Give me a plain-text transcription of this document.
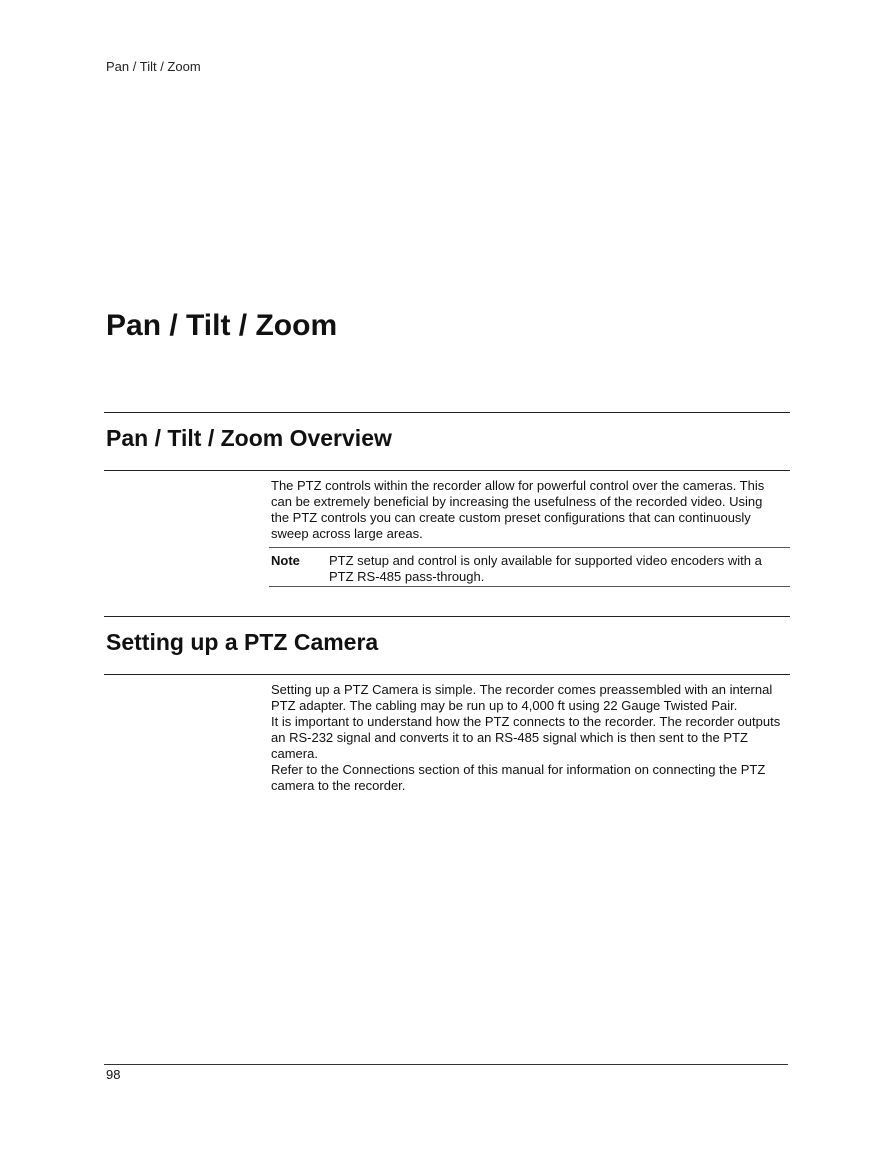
Pan / Tilt / Zoom
Pan / Tilt / Zoom
Pan / Tilt / Zoom Overview

The PTZ controls within the recorder allow for powerful control over the cameras. This can be extremely beneficial by increasing the usefulness of the recorded video. Using the PTZ controls you can create custom preset configurations that can continuously sweep across large areas.

Note PTZ setup and control is only available for supported video encoders with a PTZ RS-485 pass-through.
Setting up a PTZ Camera

Setting up a PTZ Camera is simple. The recorder comes preassembled with an internal PTZ adapter. The cabling may be run up to 4,000 ft using 22 Gauge Twisted Pair.

It is important to understand how the PTZ connects to the recorder. The recorder outputs an RS-232 signal and converts it to an RS-485 signal which is then sent to the PTZ camera.

Refer to the Connections section of this manual for information on connecting the PTZ camera to the recorder.

98
